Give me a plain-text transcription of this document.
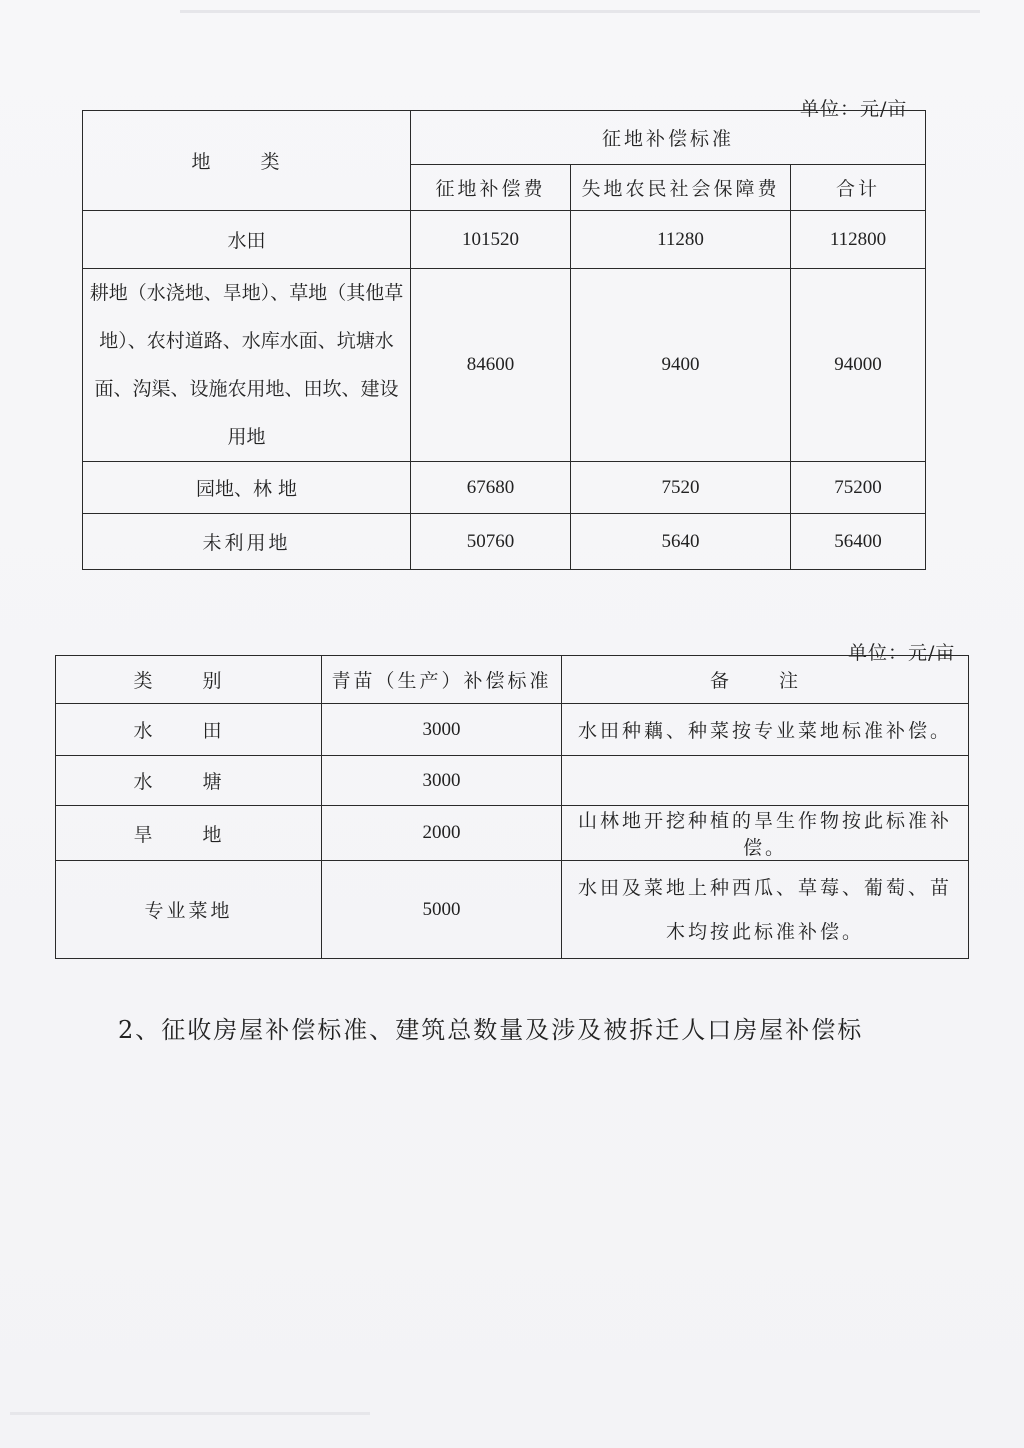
单位：元/亩
地 类	征地补偿标准		
	征地补偿费	失地农民社会保障费	合计
水田	101520	11280	112800
耕地（水浇地、旱地）、草地（其他草地）、农村道路、水库水面、坑塘水面、沟渠、设施农用地、田坎、建设用地	84600	9400	94000
园地、林 地	67680	7520	75200
未利用地	50760	5640	56400
单位：元/亩
类 别	青苗（生产）补偿标准	备 注
水 田	3000	水田种藕、种菜按专业菜地标准补偿。
水 塘	3000	
旱 地	2000	山林地开挖种植的旱生作物按此标准补偿。
专业菜地	5000	水田及菜地上种西瓜、草莓、葡萄、苗木均按此标准补偿。
2、征收房屋补偿标准、建筑总数量及涉及被拆迁人口房屋补偿标
